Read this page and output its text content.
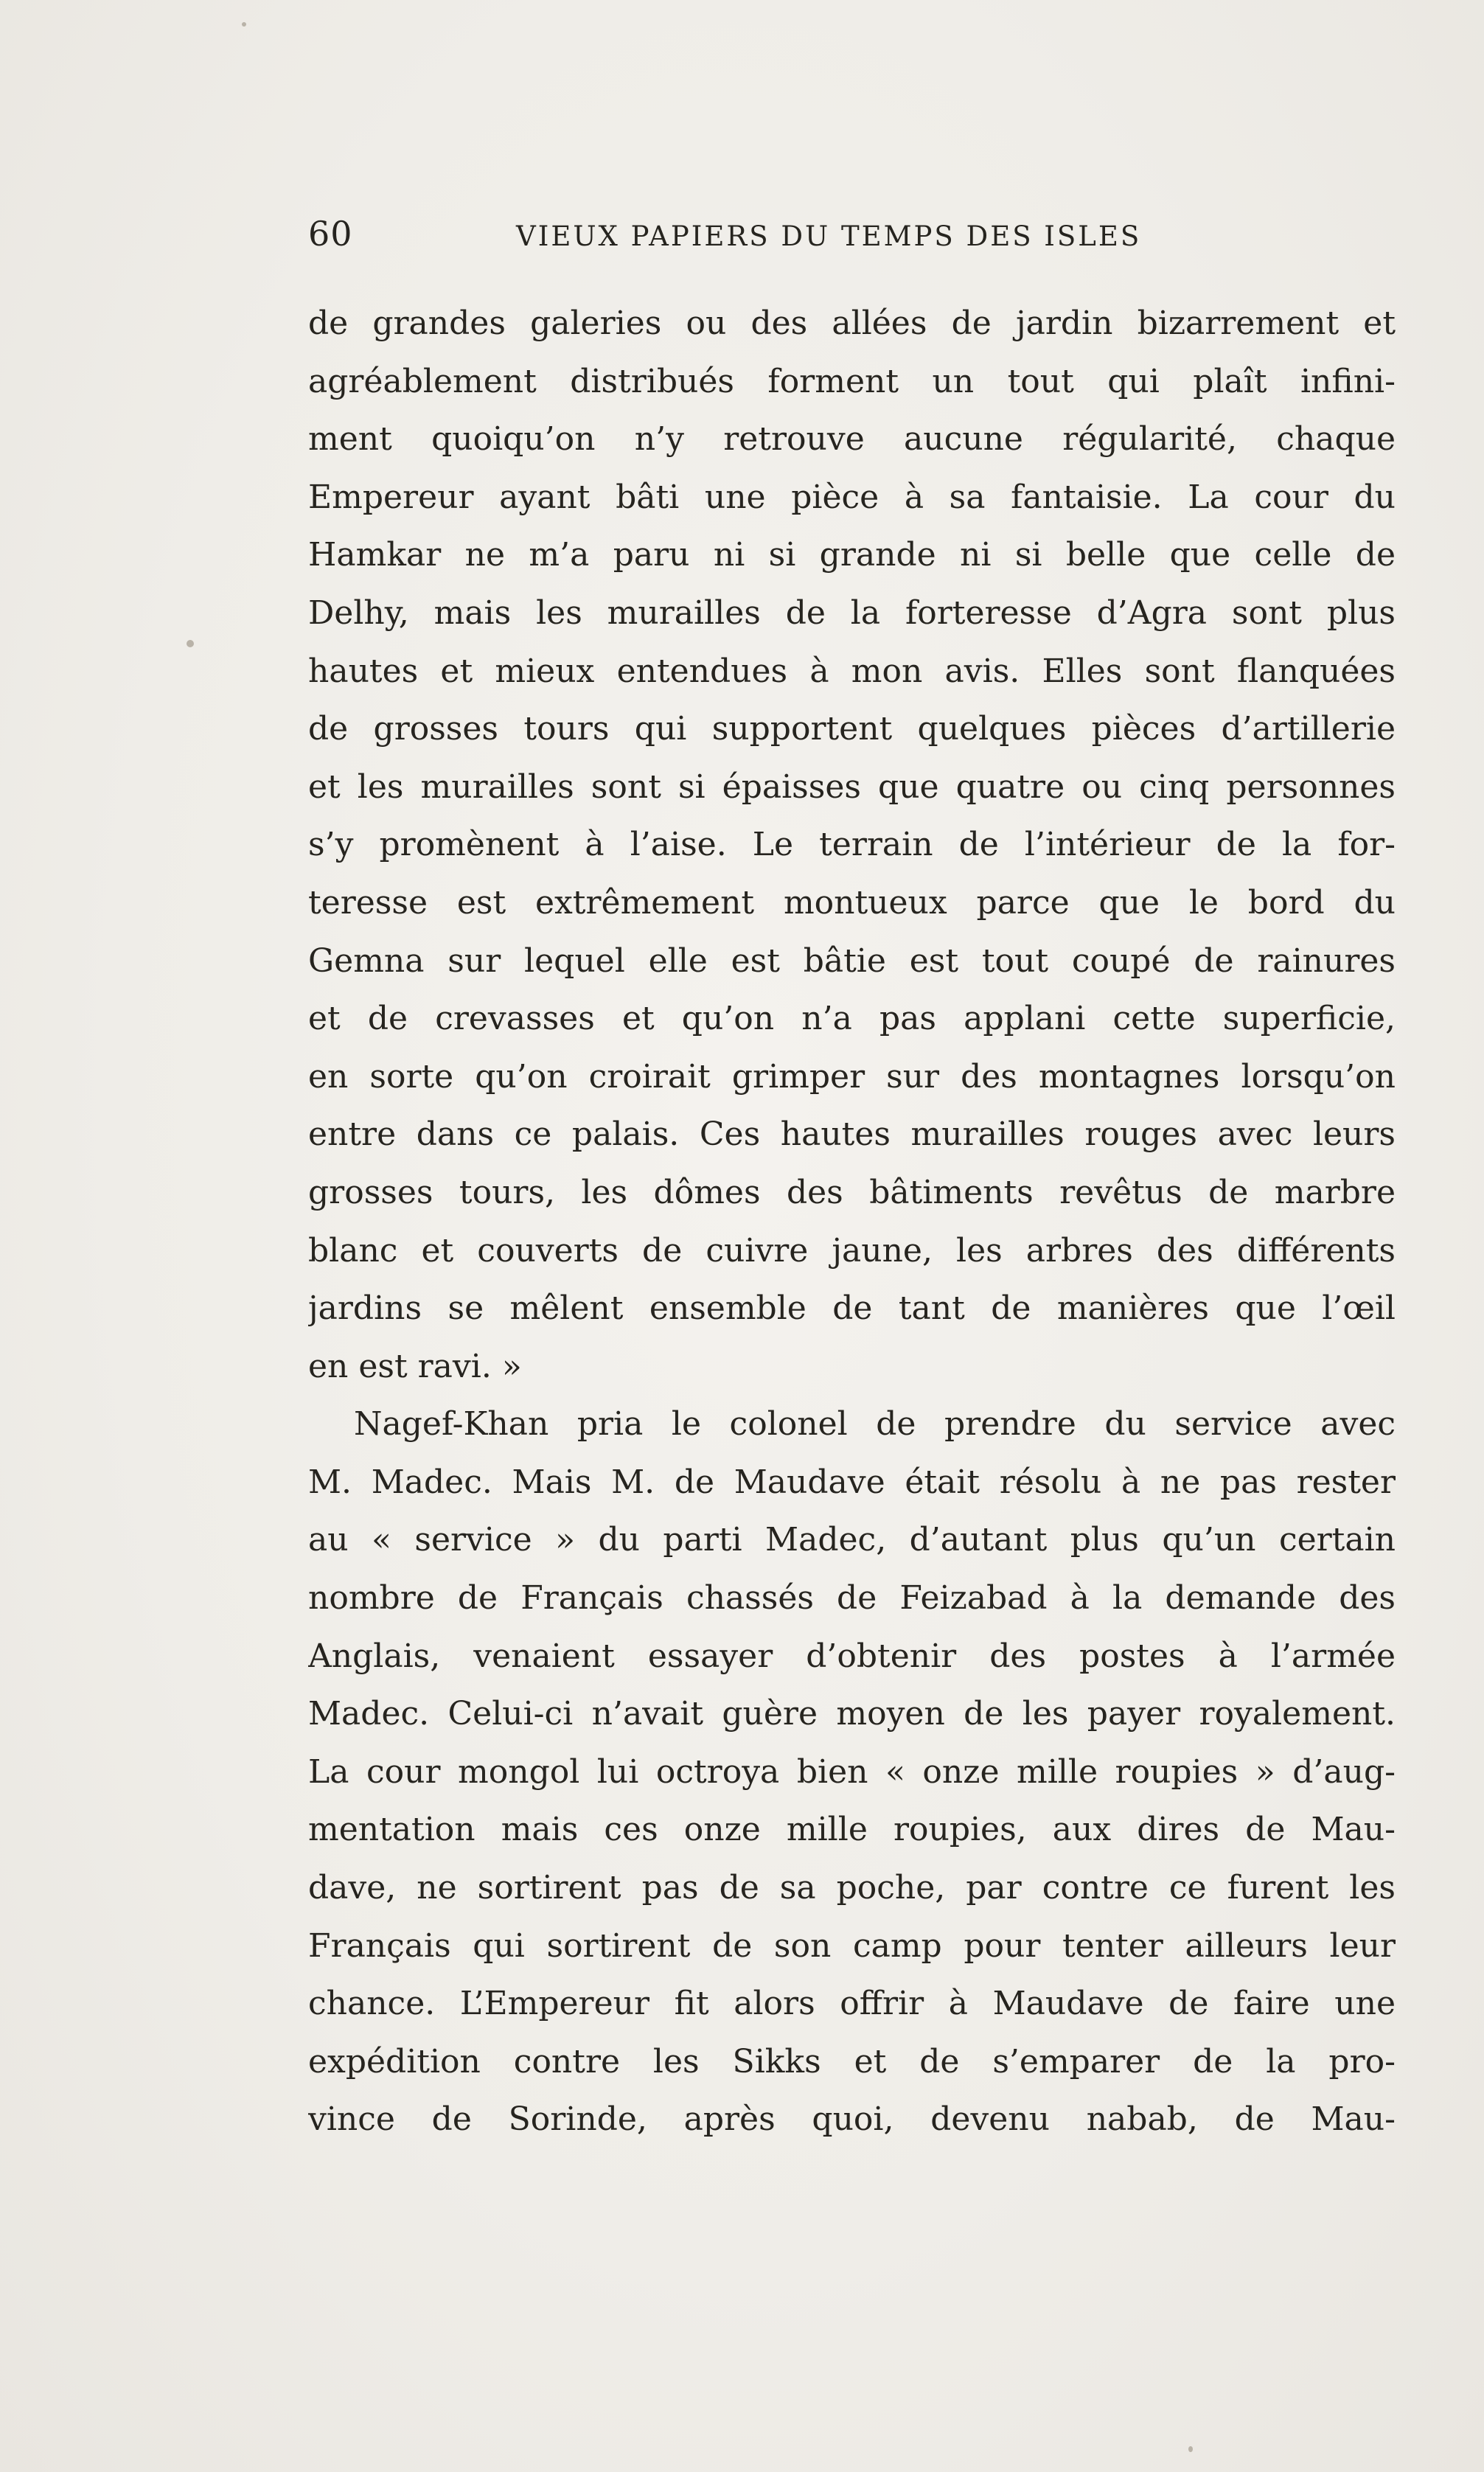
60	VIEUX PAPIERS DU TEMPS DES ISLES
de grandes galeries ou des allées de jardin bizarrement et
agréablement distribués forment un tout qui plaît infini-
ment quoiqu’on n’y retrouve aucune régularité, chaque
Empereur ayant bâti une pièce à sa fantaisie. La cour du
Hamkar ne m’a paru ni si grande ni si belle que celle de
Delhy, mais les murailles de la forteresse d’Agra sont plus
hautes et mieux entendues à mon avis. Elles sont flanquées
de grosses tours qui supportent quelques pièces d’artillerie
et les murailles sont si épaisses que quatre ou cinq personnes
s’y promènent à l’aise. Le terrain de l’intérieur de la for-
teresse est extrêmement montueux parce que le bord du
Gemna sur lequel elle est bâtie est tout coupé de rainures
et de crevasses et qu’on n’a pas applani cette superficie,
en sorte qu’on croirait grimper sur des montagnes lorsqu’on
entre dans ce palais. Ces hautes murailles rouges avec leurs
grosses tours, les dômes des bâtiments revêtus de marbre
blanc et couverts de cuivre jaune, les arbres des différents
jardins se mêlent ensemble de tant de manières que l’œil
en est ravi. »
Nagef-Khan pria le colonel de prendre du service avec
M. Madec. Mais M. de Maudave était résolu à ne pas rester
au « service » du parti Madec, d’autant plus qu’un certain
nombre de Français chassés de Feizabad à la demande des
Anglais, venaient essayer d’obtenir des postes à l’armée
Madec. Celui-ci n’avait guère moyen de les payer royalement.
La cour mongol lui octroya bien « onze mille roupies » d’aug-
mentation mais ces onze mille roupies, aux dires de Mau-
dave, ne sortirent pas de sa poche, par contre ce furent les
Français qui sortirent de son camp pour tenter ailleurs leur
chance. L’Empereur fit alors offrir à Maudave de faire une
expédition contre les Sikks et de s’emparer de la pro-
vince de Sorinde, après quoi, devenu nabab, de Mau-
